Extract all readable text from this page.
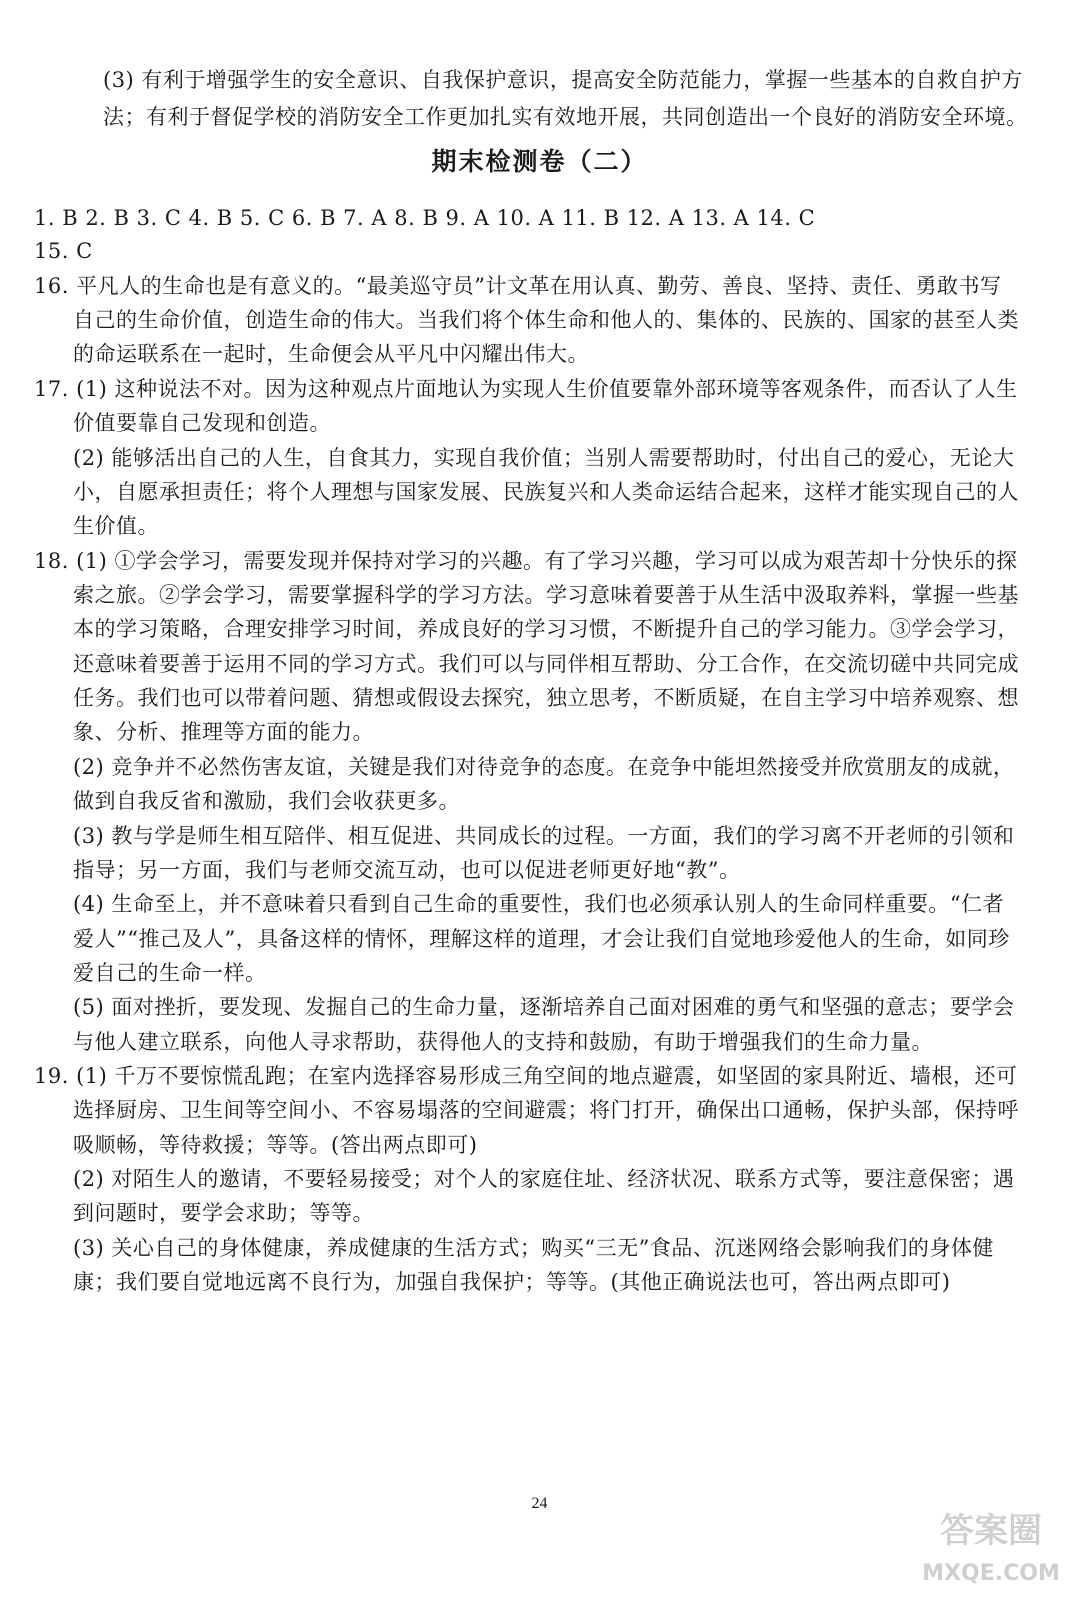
(3) 有利于增强学生的安全意识、自我保护意识，提高安全防范能力，掌握一些基本的自救自护方
法；有利于督促学校的消防安全工作更加扎实有效地开展，共同创造出一个良好的消防安全环境。
期末检测卷（二）
1. B 2. B 3. C 4. B 5. C 6. B 7. A 8. B 9. A 10. A 11. B 12. A 13. A 14. C
15. C
16. 平凡人的生命也是有意义的。“最美巡守员”计文革在用认真、勤劳、善良、坚持、责任、勇敢书写
自己的生命价值，创造生命的伟大。当我们将个体生命和他人的、集体的、民族的、国家的甚至人类
的命运联系在一起时，生命便会从平凡中闪耀出伟大。
17. (1) 这种说法不对。因为这种观点片面地认为实现人生价值要靠外部环境等客观条件，而否认了人生
价值要靠自己发现和创造。
(2) 能够活出自己的人生，自食其力，实现自我价值；当别人需要帮助时，付出自己的爱心，无论大
小，自愿承担责任；将个人理想与国家发展、民族复兴和人类命运结合起来，这样才能实现自己的人
生价值。
18. (1) ①学会学习，需要发现并保持对学习的兴趣。有了学习兴趣，学习可以成为艰苦却十分快乐的探
索之旅。②学会学习，需要掌握科学的学习方法。学习意味着要善于从生活中汲取养料，掌握一些基
本的学习策略，合理安排学习时间，养成良好的学习习惯，不断提升自己的学习能力。③学会学习，
还意味着要善于运用不同的学习方式。我们可以与同伴相互帮助、分工合作，在交流切磋中共同完成
任务。我们也可以带着问题、猜想或假设去探究，独立思考，不断质疑，在自主学习中培养观察、想
象、分析、推理等方面的能力。
(2) 竞争并不必然伤害友谊，关键是我们对待竞争的态度。在竞争中能坦然接受并欣赏朋友的成就，
做到自我反省和激励，我们会收获更多。
(3) 教与学是师生相互陪伴、相互促进、共同成长的过程。一方面，我们的学习离不开老师的引领和
指导；另一方面，我们与老师交流互动，也可以促进老师更好地“教”。
(4) 生命至上，并不意味着只看到自己生命的重要性，我们也必须承认别人的生命同样重要。“仁者
爱人”“推己及人”，具备这样的情怀，理解这样的道理，才会让我们自觉地珍爱他人的生命，如同珍
爱自己的生命一样。
(5) 面对挫折，要发现、发掘自己的生命力量，逐渐培养自己面对困难的勇气和坚强的意志；要学会
与他人建立联系，向他人寻求帮助，获得他人的支持和鼓励，有助于增强我们的生命力量。
19. (1) 千万不要惊慌乱跑；在室内选择容易形成三角空间的地点避震，如坚固的家具附近、墙根，还可
选择厨房、卫生间等空间小、不容易塌落的空间避震；将门打开，确保出口通畅，保护头部，保持呼
吸顺畅，等待救援；等等。(答出两点即可)
(2) 对陌生人的邀请，不要轻易接受；对个人的家庭住址、经济状况、联系方式等，要注意保密；遇
到问题时，要学会求助；等等。
(3) 关心自己的身体健康，养成健康的生活方式；购买“三无”食品、沉迷网络会影响我们的身体健
康；我们要自觉地远离不良行为，加强自我保护；等等。(其他正确说法也可，答出两点即可)
24
答案圈
MXQE.COM
